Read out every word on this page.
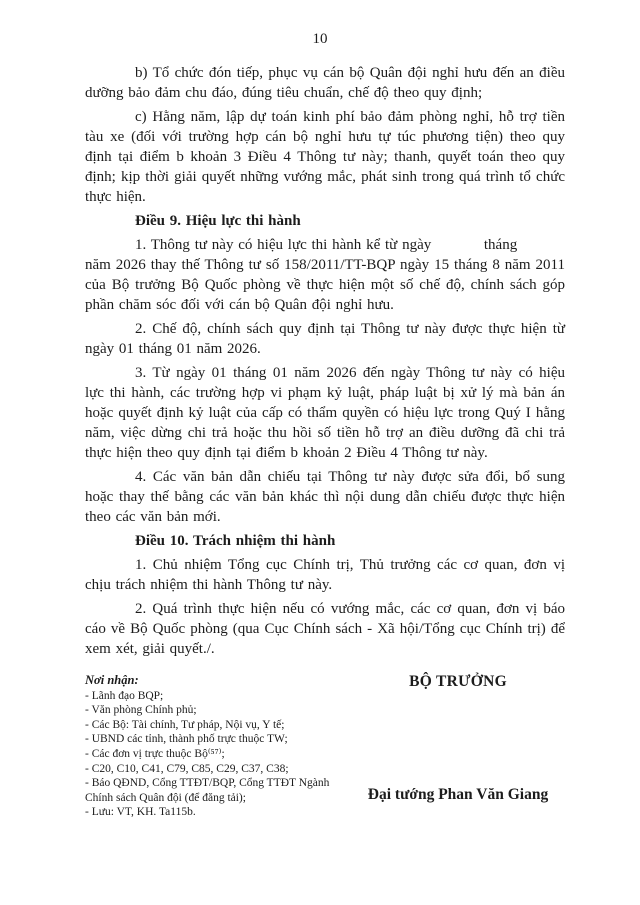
10

b) Tổ chức đón tiếp, phục vụ cán bộ Quân đội nghỉ hưu đến an điều dưỡng bảo đảm chu đáo, đúng tiêu chuẩn, chế độ theo quy định;

c) Hằng năm, lập dự toán kinh phí bảo đảm phòng nghỉ, hỗ trợ tiền tàu xe (đối với trường hợp cán bộ nghỉ hưu tự túc phương tiện) theo quy định tại điểm b khoản 3 Điều 4 Thông tư này; thanh, quyết toán theo quy định; kịp thời giải quyết những vướng mắc, phát sinh trong quá trình tổ chức thực hiện.

Điều 9. Hiệu lực thi hành

1. Thông tư này có hiệu lực thi hành kể từ ngày           tháng           năm 2026 thay thế Thông tư số 158/2011/TT-BQP ngày 15 tháng 8 năm 2011 của Bộ trưởng Bộ Quốc phòng về thực hiện một số chế độ, chính sách góp phần chăm sóc đối với cán bộ Quân đội nghỉ hưu.

2. Chế độ, chính sách quy định tại Thông tư này được thực hiện từ ngày 01 tháng 01 năm 2026.

3. Từ ngày 01 tháng 01 năm 2026 đến ngày Thông tư này có hiệu lực thi hành, các trường hợp vi phạm kỷ luật, pháp luật bị xử lý mà bản án hoặc quyết định kỷ luật của cấp có thẩm quyền có hiệu lực trong Quý I hằng năm, việc dừng chi trả hoặc thu hồi số tiền hỗ trợ an điều dưỡng đã chi trả thực hiện theo quy định tại điểm b khoản 2 Điều 4 Thông tư này.

4. Các văn bản dẫn chiếu tại Thông tư này được sửa đổi, bổ sung hoặc thay thế bằng các văn bản khác thì nội dung dẫn chiếu được thực hiện theo các văn bản mới.

Điều 10. Trách nhiệm thi hành

1. Chủ nhiệm Tổng cục Chính trị, Thủ trưởng các cơ quan, đơn vị chịu trách nhiệm thi hành Thông tư này.

2. Quá trình thực hiện nếu có vướng mắc, các cơ quan, đơn vị báo cáo về Bộ Quốc phòng (qua Cục Chính sách - Xã hội/Tổng cục Chính trị) để xem xét, giải quyết./.

Nơi nhận:
- Lãnh đạo BQP;
- Văn phòng Chính phủ;
- Các Bộ: Tài chính, Tư pháp, Nội vụ, Y tế;
- UBND các tỉnh, thành phố trực thuộc TW;
- Các đơn vị trực thuộc Bộ⁽⁵⁷⁾;
- C20, C10, C41, C79, C85, C29, C37, C38;
- Báo QĐND, Cổng TTĐT/BQP, Cổng TTĐT Ngành Chính sách Quân đội (để đăng tải);
- Lưu: VT, KH. Ta115b.
BỘ TRƯỞNG
Đại tướng Phan Văn Giang
